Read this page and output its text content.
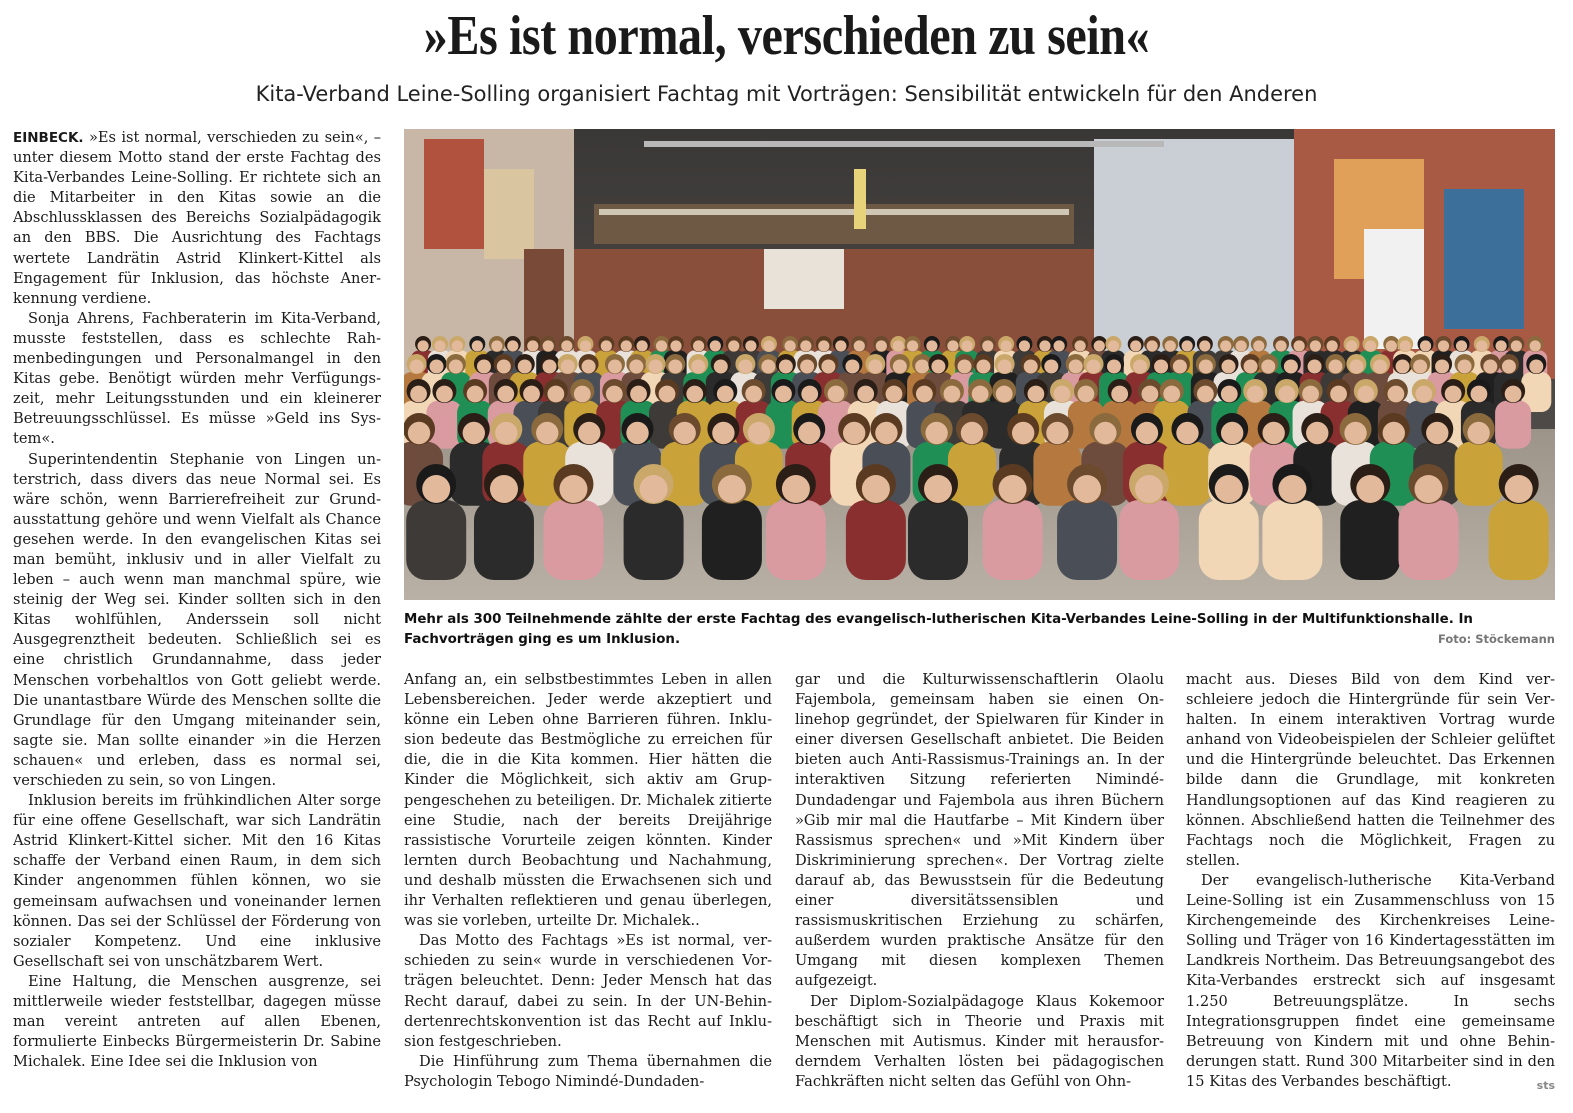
»Es ist normal, verschieden zu sein«
Kita-Verband Leine-Solling organisiert Fachtag mit Vorträgen: Sensibilität entwickeln für den Anderen

EINBECK. »Es ist normal, verschieden zu sein«, – unter diesem Motto stand der erste Fachtag des Kita-Verbandes Leine-Solling. Er richtete sich an die Mitarbeiter in den Kitas sowie an die Abschlussklassen des Bereichs Sozialpädagogik an den BBS. Die Ausrichtung des Fachtags wertete Landrätin Astrid Klinkert-Kittel als Engagement für Inklusion, das höchste Anerkennung verdiene.

Sonja Ahrens, Fachberaterin im Kita-Verband, musste feststellen, dass es schlechte Rahmenbedingungen und Personalmangel in den Kitas gebe. Benötigt würden mehr Verfügungszeit, mehr Leitungsstunden und ein kleinerer Betreuungsschlüssel. Es müsse »Geld ins System«.

Superintendentin Stephanie von Lingen unterstrich, dass divers das neue Normal sei. Es wäre schön, wenn Barrierefreiheit zur Grundausstattung gehöre und wenn Vielfalt als Chance gesehen werde. In den evangelischen Kitas sei man bemüht, inklusiv und in aller Vielfalt zu leben – auch wenn man manchmal spüre, wie steinig der Weg sei. Kinder sollten sich in den Kitas wohlfühlen, Anderssein soll nicht Ausgegrenztheit bedeuten. Schließlich sei es eine christlich Grundannahme, dass jeder Menschen vorbehaltlos von Gott geliebt werde. Die unantastbare Würde des Menschen sollte die Grundlage für den Umgang miteinander sein, sagte sie. Man sollte einander »in die Herzen schauen« und erleben, dass es normal sei, verschieden zu sein, so von Lingen.

Inklusion bereits im frühkindlichen Alter sorge für eine offene Gesellschaft, war sich Landrätin Astrid Klinkert-Kittel sicher. Mit den 16 Kitas schaffe der Verband einen Raum, in dem sich Kinder angenommen fühlen können, wo sie gemeinsam aufwachsen und voneinander lernen können. Das sei der Schlüssel der Förderung von sozialer Kompetenz. Und eine inklusive Gesellschaft sei von unschätzbarem Wert.

Eine Haltung, die Menschen ausgrenze, sei mittlerweile wieder feststellbar, dagegen müsse man vereint antreten auf allen Ebenen, formulierte Einbecks Bürgermeisterin Dr. Sabine Michalek. Eine Idee sei die Inklusion von

Mehr als 300 Teilnehmende zählte der erste Fachtag des evangelisch-lutherischen Kita-Verbandes Leine-Solling in der Multifunktionshalle. In Fachvorträgen ging es um Inklusion.	Foto: Stöckemann

Anfang an, ein selbstbestimmtes Leben in allen Lebensbereichen. Jeder werde akzeptiert und könne ein Leben ohne Barrieren führen. Inklusion bedeute das Bestmögliche zu erreichen für die, die in die Kita kommen. Hier hätten die Kinder die Möglichkeit, sich aktiv am Gruppengeschehen zu beteiligen. Dr. Michalek zitierte eine Studie, nach der bereits Dreijährige rassistische Vorurteile zeigen könnten. Kinder lernten durch Beobachtung und Nachahmung, und deshalb müssten die Erwachsenen sich und ihr Verhalten reflektieren und genau überlegen, was sie vorleben, urteilte Dr. Michalek..

Das Motto des Fachtags »Es ist normal, verschieden zu sein« wurde in verschiedenen Vorträgen beleuchtet. Denn: Jeder Mensch hat das Recht darauf, dabei zu sein. In der UN-Behindertenrechtskonvention ist das Recht auf Inklusion festgeschrieben.

Die Hinführung zum Thema übernahmen die Psychologin Tebogo Nimindé-Dundaden-

gar und die Kulturwissenschaftlerin Olaolu Fajembola, gemeinsam haben sie einen Onlinehop gegründet, der Spielwaren für Kinder in einer diversen Gesellschaft anbietet. Die Beiden bieten auch Anti-Rassismus-Trainings an. In der interaktiven Sitzung referierten Nimindé-Dundadengar und Fajembola aus ihren Büchern »Gib mir mal die Hautfarbe – Mit Kindern über Rassismus sprechen« und »Mit Kindern über Diskriminierung sprechen«. Der Vortrag zielte darauf ab, das Bewusstsein für die Bedeutung einer diversitätssensiblen und rassismuskritischen Erziehung zu schärfen, außerdem wurden praktische Ansätze für den Umgang mit diesen komplexen Themen aufgezeigt.

Der Diplom-Sozialpädagoge Klaus Kokemoor beschäftigt sich in Theorie und Praxis mit Menschen mit Autismus. Kinder mit herausforderndem Verhalten lösten bei pädagogischen Fachkräften nicht selten das Gefühl von Ohn-

macht aus. Dieses Bild von dem Kind verschleiere jedoch die Hintergründe für sein Verhalten. In einem interaktiven Vortrag wurde anhand von Videobeispielen der Schleier gelüftet und die Hintergründe beleuchtet. Das Erkennen bilde dann die Grundlage, mit konkreten Handlungsoptionen auf das Kind reagieren zu können. Abschließend hatten die Teilnehmer des Fachtags noch die Möglichkeit, Fragen zu stellen.

Der evangelisch-lutherische Kita-Verband Leine-Solling ist ein Zusammenschluss von 15 Kirchengemeinde des Kirchenkreises Leine-Solling und Träger von 16 Kindertagesstätten im Landkreis Northeim. Das Betreuungsangebot des Kita-Verbandes erstreckt sich auf insgesamt 1.250 Betreuungsplätze. In sechs Integrationsgruppen findet eine gemeinsame Betreuung von Kindern mit und ohne Behinderungen statt. Rund 300 Mitarbeiter sind in den 15 Kitas des Verbandes beschäftigt.	sts
